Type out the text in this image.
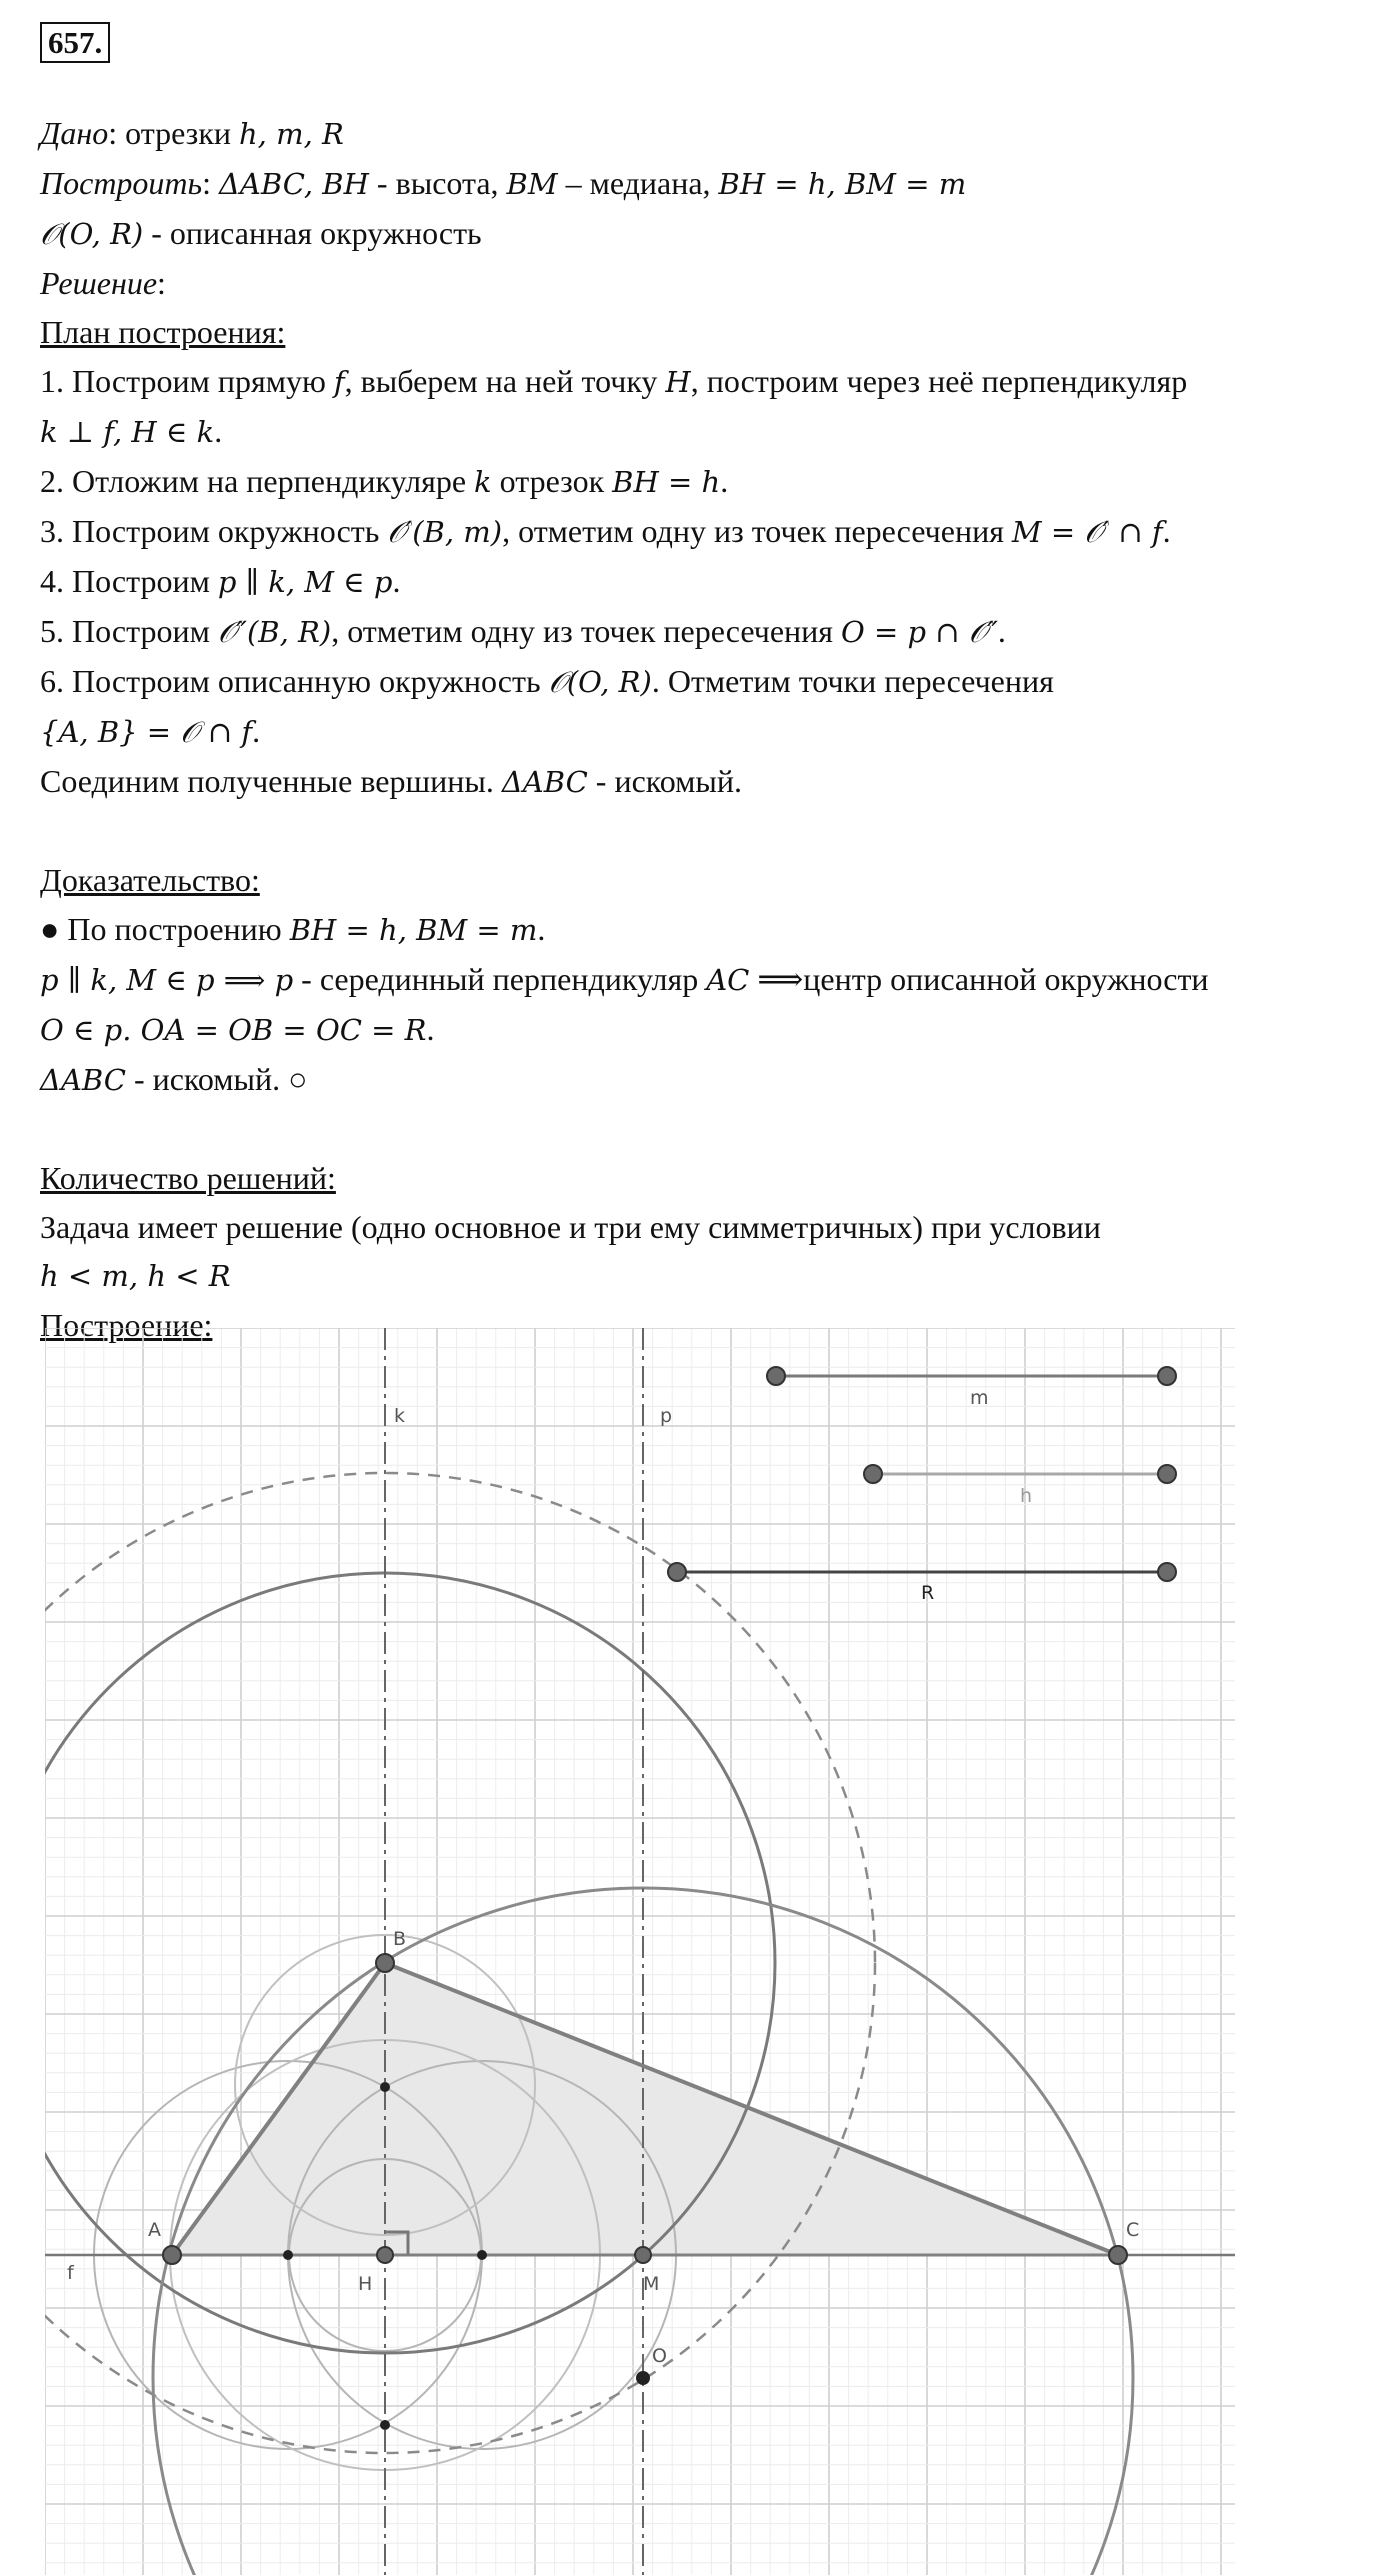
657.
Дано: отрезки h, m, R
Построить: ΔABC, BH - высота, BM – медиана, BH = h, BM = m
𝒪(O, R) - описанная окружность
Решение:
План построения:
1. Построим прямую f, выберем на ней точку H, построим через неё перпендикуляр
k ⊥ f, H ∈ k.
2. Отложим на перпендикуляре k отрезок BH = h.
3. Построим окружность 𝒪′(B, m), отметим одну из точек пересечения M = 𝒪′ ∩ f.
4. Построим p ∥ k, M ∈ p.
5. Построим 𝒪″(B, R), отметим одну из точек пересечения O = p ∩ 𝒪″.
6. Построим описанную окружность 𝒪(O, R). Отметим точки пересечения
{A, B} = 𝒪 ∩ f.
Соединим полученные вершины. ΔABC - искомый.
Доказательство:
● По построению BH = h, BM = m.
p ∥ k, M ∈ p ⟹ p - серединный перпендикуляр AC ⟹центр описанной окружности
O ∈ p. OA = OB = OC = R.
ΔABC - искомый. ○
Количество решений:
Задача имеет решение (одно основное и три ему симметричных) при условии
h < m, h < R
Построение:
k	p
f
A
B
C
H	M
O
m
h
R
